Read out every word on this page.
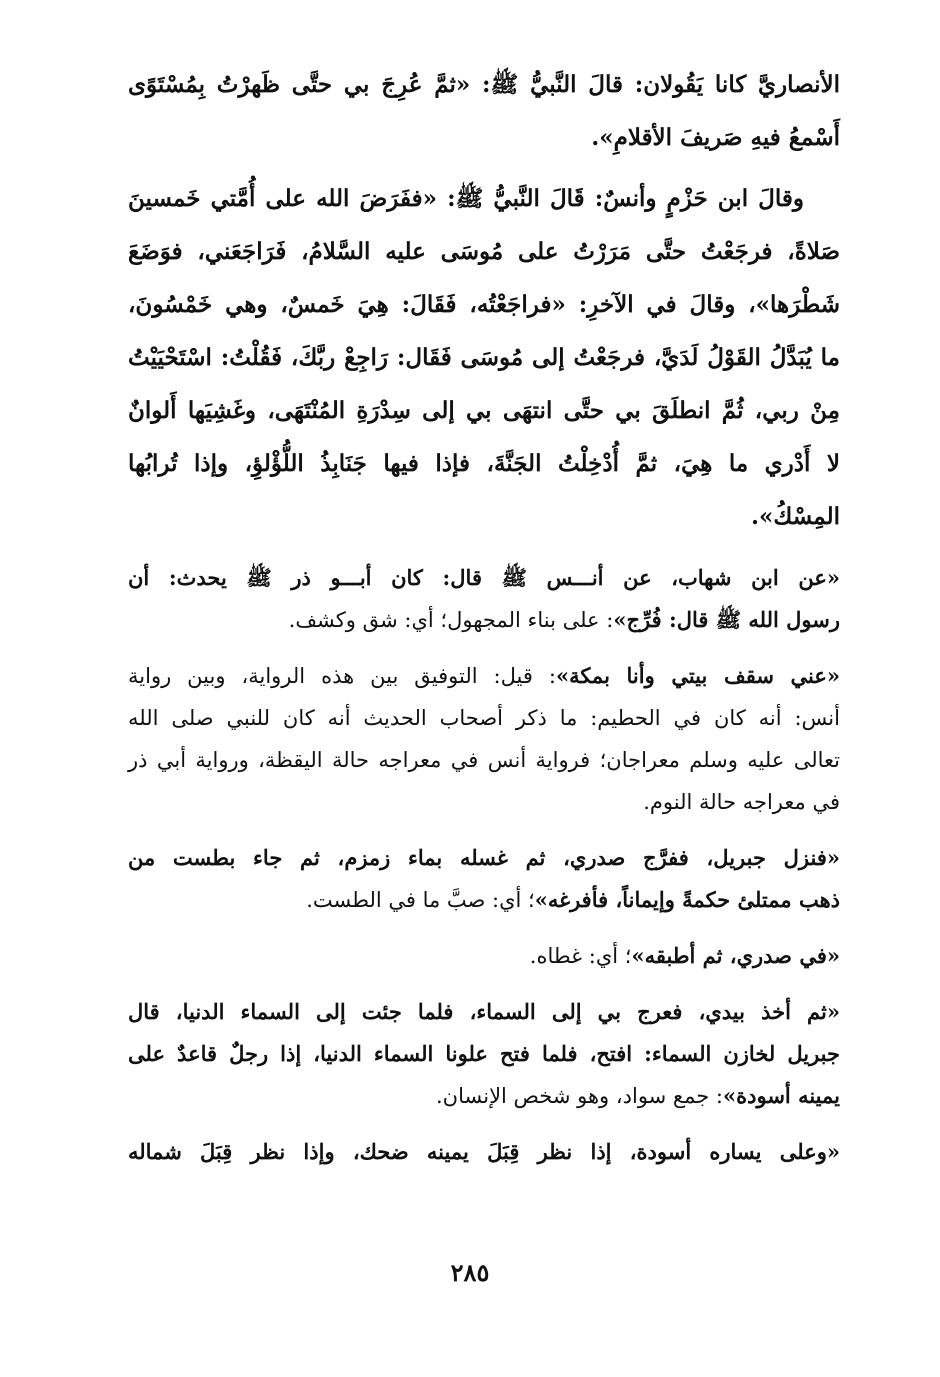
الأنصاريَّ كانا يَقُولان: قالَ النَّبيُّ ﷺ: «ثمَّ عُرِجَ بي حتَّى ظَهرْتُ بِمُسْتَوًى
أَسْمعُ فيهِ صَريفَ الأقلامِ».

وقالَ ابن حَزْمٍ وأنسٌ: قَالَ النَّبيُّ ﷺ: «ففَرَضَ الله على أُمَّتي خَمسينَ
صَلاةً، فرجَعْتُ حتَّى مَرَرْتُ على مُوسَى عليه السَّلامُ، فَرَاجَعَني، فوَضَعَ
شَطْرَها»، وقالَ في الآخرِ: «فراجَعْتُه، فَقَالَ: هِيَ خَمسٌ، وهي خَمْسُونَ،
ما يُبَدَّلُ القَوْلُ لَدَيَّ، فرجَعْتُ إلى مُوسَى فَقَال: رَاجِعْ ربَّكَ، فَقُلْتُ: اسْتَحْيَيْتُ
مِنْ ربي، ثُمَّ انطلَقَ بي حتَّى انتهَى بي إلى سِدْرَةِ المُنْتَهَى، وغَشِيَها أَلوانٌ
لا أَدْري ما هِيَ، ثمَّ أُدْخِلْتُ الجَنَّةَ، فإذا فيها جَنَابِذُ اللُّؤْلؤِ، وإذا تُرابُها
المِسْكُ».

«عن ابن شهاب، عن أنـــس ﷺ قال: كان أبـــو ذر ﷺ يحدث: أن
رسول الله ﷺ قال: فُرِّج»: على بناء المجهول؛ أي: شق وكشف.

«عني سقف بيتي وأنا بمكة»: قيل: التوفيق بين هذه الرواية، وبين رواية
أنس: أنه كان في الحطيم: ما ذكر أصحاب الحديث أنه كان للنبي صلى الله
تعالى عليه وسلم معراجان؛ فرواية أنس في معراجه حالة اليقظة، ورواية أبي ذر
في معراجه حالة النوم.

«فنزل جبريل، ففرَّج صدري، ثم غسله بماء زمزم، ثم جاء بطست من
ذهب ممتلئ حكمةً وإيماناً، فأفرغه»؛ أي: صبَّ ما في الطست.

«في صدري، ثم أطبقه»؛ أي: غطاه.

«ثم أخذ بيدي، فعرج بي إلى السماء، فلما جئت إلى السماء الدنيا، قال
جبريل لخازن السماء: افتح، فلما فتح علونا السماء الدنيا، إذا رجلٌ قاعدٌ على
يمينه أسودة»: جمع سواد، وهو شخص الإنسان.

«وعلى يساره أسودة، إذا نظر قِبَلَ يمينه ضحك، وإذا نظر قِبَلَ شماله

٢٨٥
